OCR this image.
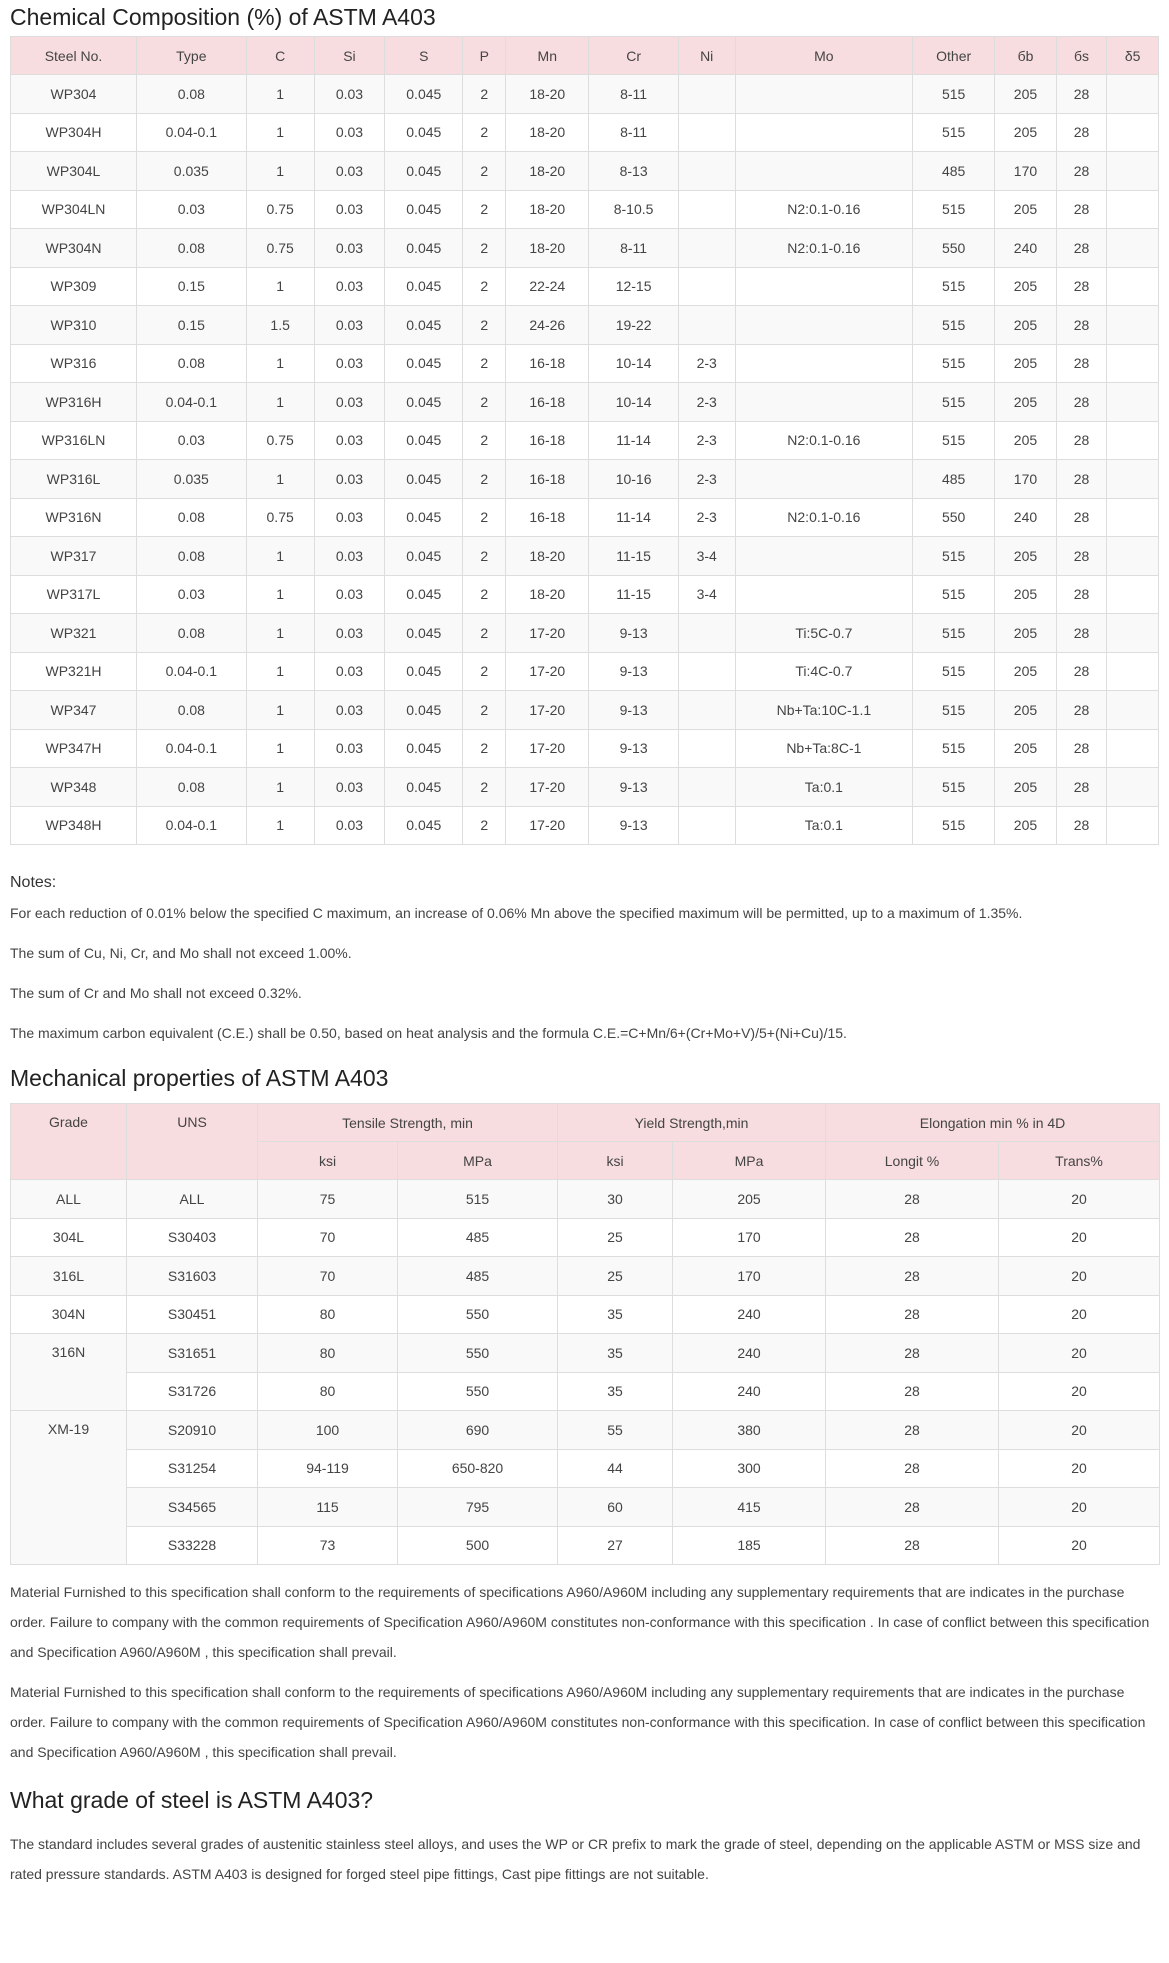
Chemical Composition (%) of ASTM A403
Steel No.	Type	C	Si	S	P	Mn	Cr	Ni	Mo	Other	бb	бs	δ5
WP304	0.08	1	0.03	0.045	2	18-20	8-11			515	205	28	
WP304H	0.04-0.1	1	0.03	0.045	2	18-20	8-11			515	205	28	
WP304L	0.035	1	0.03	0.045	2	18-20	8-13			485	170	28	
WP304LN	0.03	0.75	0.03	0.045	2	18-20	8-10.5		N2:0.1-0.16	515	205	28	
WP304N	0.08	0.75	0.03	0.045	2	18-20	8-11		N2:0.1-0.16	550	240	28	
WP309	0.15	1	0.03	0.045	2	22-24	12-15			515	205	28	
WP310	0.15	1.5	0.03	0.045	2	24-26	19-22			515	205	28	
WP316	0.08	1	0.03	0.045	2	16-18	10-14	2-3		515	205	28	
WP316H	0.04-0.1	1	0.03	0.045	2	16-18	10-14	2-3		515	205	28	
WP316LN	0.03	0.75	0.03	0.045	2	16-18	11-14	2-3	N2:0.1-0.16	515	205	28	
WP316L	0.035	1	0.03	0.045	2	16-18	10-16	2-3		485	170	28	
WP316N	0.08	0.75	0.03	0.045	2	16-18	11-14	2-3	N2:0.1-0.16	550	240	28	
WP317	0.08	1	0.03	0.045	2	18-20	11-15	3-4		515	205	28	
WP317L	0.03	1	0.03	0.045	2	18-20	11-15	3-4		515	205	28	
WP321	0.08	1	0.03	0.045	2	17-20	9-13		Ti:5C-0.7	515	205	28	
WP321H	0.04-0.1	1	0.03	0.045	2	17-20	9-13		Ti:4C-0.7	515	205	28	
WP347	0.08	1	0.03	0.045	2	17-20	9-13		Nb+Ta:10C-1.1	515	205	28	
WP347H	0.04-0.1	1	0.03	0.045	2	17-20	9-13		Nb+Ta:8C-1	515	205	28	
WP348	0.08	1	0.03	0.045	2	17-20	9-13		Ta:0.1	515	205	28	
WP348H	0.04-0.1	1	0.03	0.045	2	17-20	9-13		Ta:0.1	515	205	28	

Notes:

For each reduction of 0.01% below the specified C maximum, an increase of 0.06% Mn above the specified maximum will be permitted, up to a maximum of 1.35%.

The sum of Cu, Ni, Cr, and Mo shall not exceed 1.00%.

The sum of Cr and Mo shall not exceed 0.32%.

The maximum carbon equivalent (C.E.) shall be 0.50, based on heat analysis and the formula C.E.=C+Mn/6+(Cr+Mo+V)/5+(Ni+Cu)/15.

Mechanical properties of ASTM A403
Grade	UNS	Tensile Strength, min		Yield Strength,min		Elongation min % in 4D	
		ksi	MPa	ksi	MPa	Longit %	Trans%
ALL	ALL	75	515	30	205	28	20
304L	S30403	70	485	25	170	28	20
316L	S31603	70	485	25	170	28	20
304N	S30451	80	550	35	240	28	20
316N	S31651	80	550	35	240	28	20
	S31726	80	550	35	240	28	20
XM-19	S20910	100	690	55	380	28	20
	S31254	94-119	650-820	44	300	28	20
	S34565	115	795	60	415	28	20
	S33228	73	500	27	185	28	20

Material Furnished to this specification shall conform to the requirements of specifications A960/A960M including any supplementary requirements that are indicates in the purchase order. Failure to company with the common requirements of Specification A960/A960M constitutes non-conformance with this specification . In case of conflict between this specification and Specification A960/A960M , this specification shall prevail.

Material Furnished to this specification shall conform to the requirements of specifications A960/A960M including any supplementary requirements that are indicates in the purchase order. Failure to company with the common requirements of Specification A960/A960M constitutes non-conformance with this specification. In case of conflict between this specification and Specification A960/A960M , this specification shall prevail.

What grade of steel is ASTM A403?

The standard includes several grades of austenitic stainless steel alloys, and uses the WP or CR prefix to mark the grade of steel, depending on the applicable ASTM or MSS size and rated pressure standards. ASTM A403 is designed for forged steel pipe fittings, Cast pipe fittings are not suitable.
